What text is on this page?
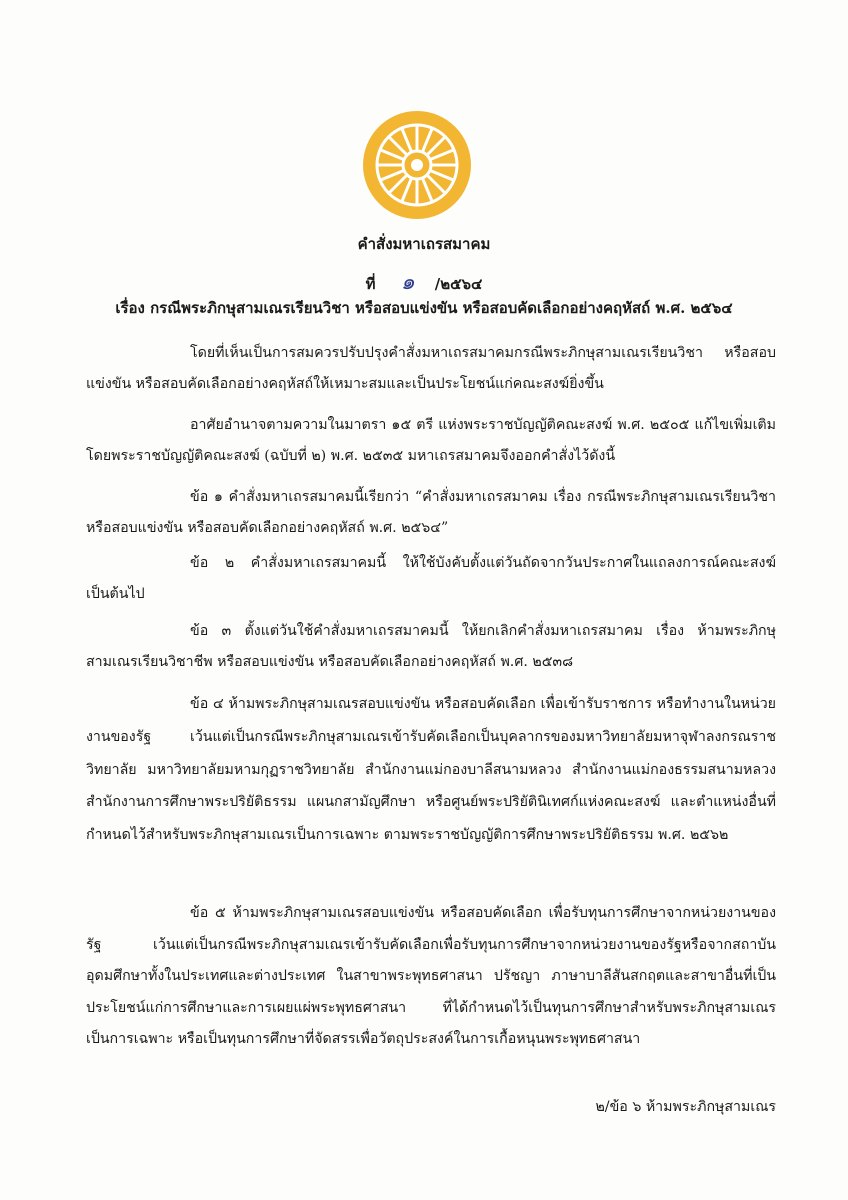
คำสั่งมหาเถรสมาคม
ที่ ๑ /๒๕๖๔
เรื่อง กรณีพระภิกษุสามเณรเรียนวิชา หรือสอบแข่งขัน หรือสอบคัดเลือกอย่างคฤหัสถ์ พ.ศ. ๒๕๖๔

โดยที่เห็นเป็นการสมควรปรับปรุงคำสั่งมหาเถรสมาคมกรณีพระภิกษุสามเณรเรียนวิชา หรือสอบแข่งขัน หรือสอบคัดเลือกอย่างคฤหัสถ์ให้เหมาะสมและเป็นประโยชน์แก่คณะสงฆ์ยิ่งขึ้น

อาศัยอำนาจตามความในมาตรา ๑๕ ตรี แห่งพระราชบัญญัติคณะสงฆ์ พ.ศ. ๒๕๐๕ แก้ไขเพิ่มเติมโดยพระราชบัญญัติคณะสงฆ์ (ฉบับที่ ๒) พ.ศ. ๒๕๓๕ มหาเถรสมาคมจึงออกคำสั่งไว้ดังนี้

ข้อ ๑ คำสั่งมหาเถรสมาคมนี้เรียกว่า “คำสั่งมหาเถรสมาคม เรื่อง กรณีพระภิกษุสามเณรเรียนวิชา หรือสอบแข่งขัน หรือสอบคัดเลือกอย่างคฤหัสถ์ พ.ศ. ๒๕๖๔”

ข้อ ๒ คำสั่งมหาเถรสมาคมนี้ ให้ใช้บังคับตั้งแต่วันถัดจากวันประกาศในแถลงการณ์คณะสงฆ์เป็นต้นไป

ข้อ ๓ ตั้งแต่วันใช้คำสั่งมหาเถรสมาคมนี้ ให้ยกเลิกคำสั่งมหาเถรสมาคม เรื่อง ห้ามพระภิกษุสามเณรเรียนวิชาชีพ หรือสอบแข่งขัน หรือสอบคัดเลือกอย่างคฤหัสถ์ พ.ศ. ๒๕๓๘

ข้อ ๔ ห้ามพระภิกษุสามเณรสอบแข่งขัน หรือสอบคัดเลือก เพื่อเข้ารับราชการ หรือทำงานในหน่วยงานของรัฐ เว้นแต่เป็นกรณีพระภิกษุสามเณรเข้ารับคัดเลือกเป็นบุคลากรของมหาวิทยาลัยมหาจุฬาลงกรณราชวิทยาลัย มหาวิทยาลัยมหามกุฏราชวิทยาลัย สำนักงานแม่กองบาลีสนามหลวง สำนักงานแม่กองธรรมสนามหลวง สำนักงานการศึกษาพระปริยัติธรรม แผนกสามัญศึกษา หรือศูนย์พระปริยัตินิเทศก์แห่งคณะสงฆ์ และตำแหน่งอื่นที่กำหนดไว้สำหรับพระภิกษุสามเณรเป็นการเฉพาะ ตามพระราชบัญญัติการศึกษาพระปริยัติธรรม พ.ศ. ๒๕๖๒

ข้อ ๕ ห้ามพระภิกษุสามเณรสอบแข่งขัน หรือสอบคัดเลือก เพื่อรับทุนการศึกษาจากหน่วยงานของรัฐ เว้นแต่เป็นกรณีพระภิกษุสามเณรเข้ารับคัดเลือกเพื่อรับทุนการศึกษาจากหน่วยงานของรัฐหรือจากสถาบันอุดมศึกษาทั้งในประเทศและต่างประเทศ ในสาขาพระพุทธศาสนา ปรัชญา ภาษาบาลีสันสกฤตและสาขาอื่นที่เป็นประโยชน์แก่การศึกษาและการเผยแผ่พระพุทธศาสนา ที่ได้กำหนดไว้เป็นทุนการศึกษาสำหรับพระภิกษุสามเณรเป็นการเฉพาะ หรือเป็นทุนการศึกษาที่จัดสรรเพื่อวัตถุประสงค์ในการเกื้อหนุนพระพุทธศาสนา

๒/ข้อ ๖ ห้ามพระภิกษุสามเณร
